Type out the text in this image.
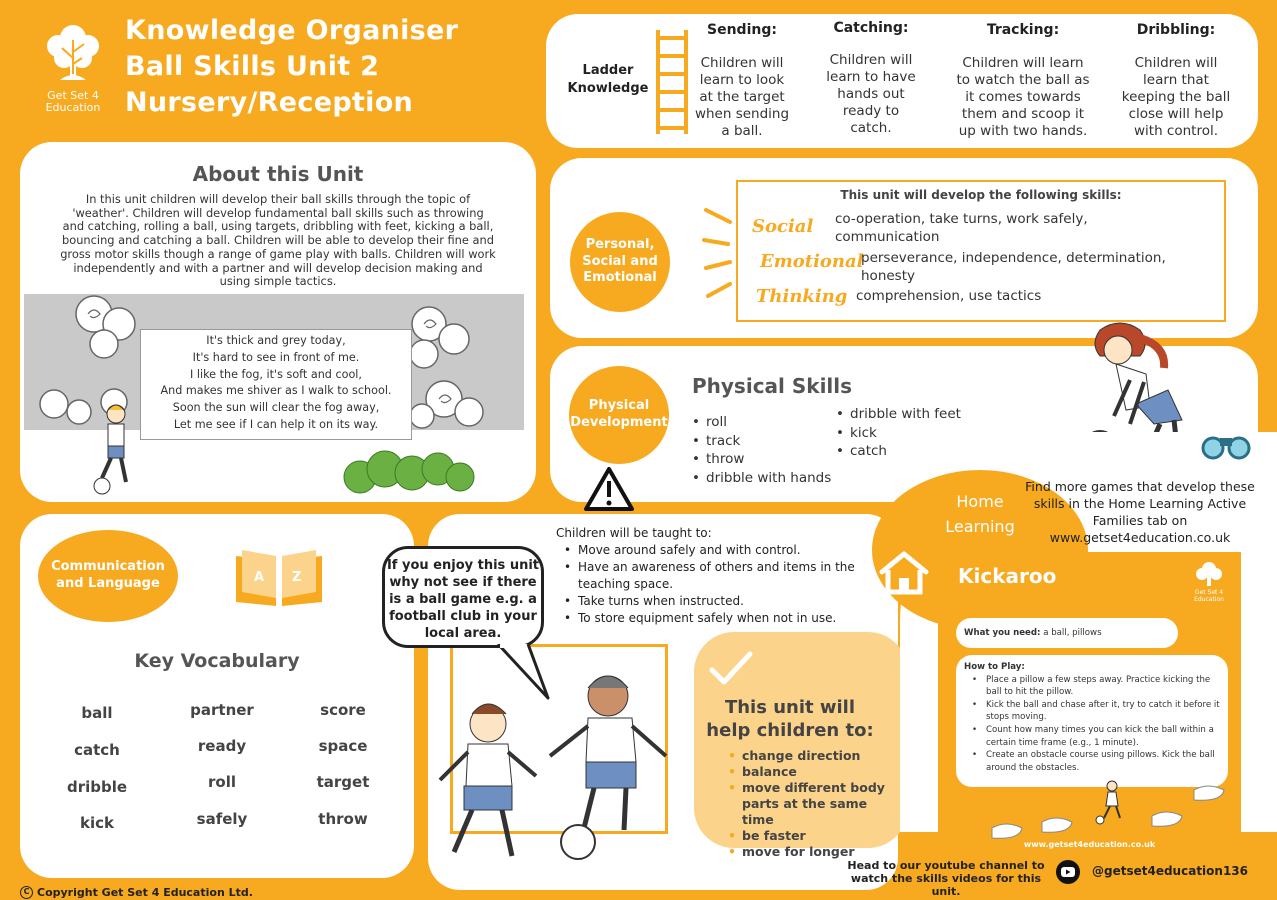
Get Set 4
Education
Knowledge Organiser
Ball Skills Unit 2
Nursery/Reception
Ladder
Knowledge
Sending:
Children will
learn to look
at the target
when sending
a ball.
Catching:
Children will
learn to have
hands out
ready to
catch.
Tracking:
Children will learn
to watch the ball as
it comes towards
them and scoop it
up with two hands.
Dribbling:
Children will
learn that
keeping the ball
close will help
with control.
About this Unit
In this unit children will develop their ball skills through the topic of 'weather'. Children will develop fundamental ball skills such as throwing and catching, rolling a ball, using targets, dribbling with feet, kicking a ball, bouncing and catching a ball. Children will be able to develop their fine and gross motor skills though a range of game play with balls. Children will work independently and with a partner and will develop decision making and using simple tactics.
It's thick and grey today,
It's hard to see in front of me.
I like the fog, it's soft and cool,
And makes me shiver as I walk to school.
Soon the sun will clear the fog away,
Let me see if I can help it on its way.
This unit will develop the following skills:
Social co-operation, take turns, work safely,
communication
Emotional
perseverance, independence, determination,
honesty
Thinking comprehension, use tactics
Personal,
Social and
Emotional
Physical Skills
• roll
• track
• throw
• dribble with hands
• dribble with feet
• kick
• catch
Physical
Development
A Z
Key Vocabulary
ball
catch
dribble
kick
partner
ready
roll
safely
score
space
target
throw
Communication
and Language
Children will be taught to:
• Move around safely and with control.
• Have an awareness of others and items in the teaching space.
• Take turns when instructed.
• To store equipment safely when not in use.
If you enjoy this unit
why not see if there
is a ball game e.g. a
football club in your
local area.
This unit will
help children to:
• change direction
• balance
• move different body parts at the same time
• be faster
• move for longer
Home
Learning
Find more games that develop these
skills in the Home Learning Active
Families tab on
www.getset4education.co.uk
Kickaroo
Get Set 4
Education
What you need: a ball, pillows
How to Play:
• Place a pillow a few steps away. Practice kicking the ball to hit the pillow.
• Kick the ball and chase after it, try to catch it before it stops moving.
• Count how many times you can kick the ball within a certain time frame (e.g., 1 minute).
• Create an obstacle course using pillows. Kick the ball around the obstacles.
www.getset4education.co.uk
Head to our youtube channel to
watch the skills videos for this unit.
@getset4education136
C Copyright Get Set 4 Education Ltd.
